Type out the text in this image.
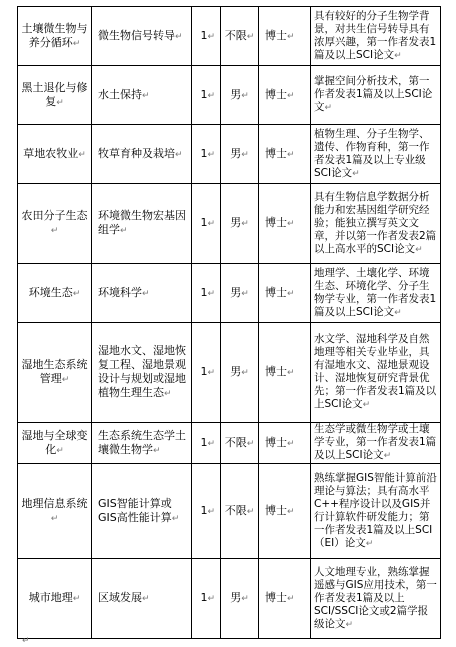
土壤微生物与养分循环↵	微生物信号转导↵	1↵	不限↵	博士↵	具有较好的分子生物学背景，对共生信号转导具有浓厚兴趣，第一作者发表1篇及以上SCI论文↵
黑土退化与修复↵	水土保持↵	1↵	男↵	博士↵	掌握空间分析技术，第一作者发表1篇及以上SCI论文↵
草地农牧业↵	牧草育种及栽培↵	1↵	男↵	博士↵	植物生理、分子生物学、遗传、作物育种，第一作者发表1篇及以上专业级SCI论文↵
农田分子生态↵	环境微生物宏基因组学↵	1↵	男↵	博士↵	具有生物信息学数据分析能力和宏基因组学研究经验；能独立撰写英文文章，并以第一作者发表2篇以上高水平的SCI论文↵
环境生态↵	环境科学↵	1↵	男↵	博士↵	地理学、土壤化学、环境生态、环境化学、分子生物学专业，第一作者发表1篇及以上SCI论文↵
湿地生态系统管理↵	湿地水文、湿地恢复工程、湿地景观设计与规划或湿地植物生理生态↵	1↵	男↵	博士↵	水文学、湿地科学及自然地理等相关专业毕业，具有湿地水文、湿地景观设计、湿地恢复研究背景优先；第一作者发表1篇及以上SCI论文↵
湿地与全球变化↵	生态系统生态学土壤微生物学↵	1↵	不限↵	博士↵	生态学或微生物学或土壤学专业，第一作者发表1篇及以上SCI论文↵
地理信息系统↵	GIS智能计算或GIS高性能计算↵	1↵	不限↵	博士↵	熟练掌握GIS智能计算前沿理论与算法；具有高水平C++程序设计以及GIS并行计算软件研发能力；第一作者发表1篇及以上SCI（EI）论文↵
城市地理↵	区域发展↵	1↵	男↵	博士↵	人文地理专业，熟练掌握遥感与GIS应用技术，第一作者发表1篇及以上SCI/SSCI论文或2篇学报级论文↵
↵
